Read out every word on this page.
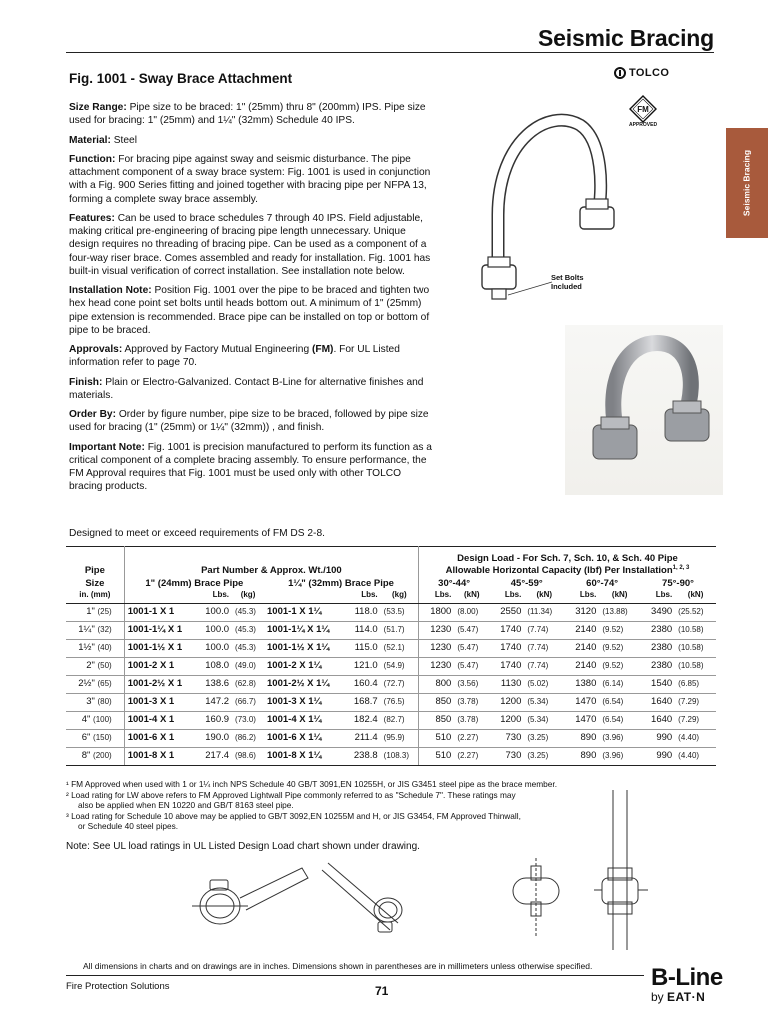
Seismic Bracing
Seismic Bracing
Fig. 1001 - Sway Brace Attachment	TOLCO
FM
APPROVED

Size Range: Pipe size to be braced: 1" (25mm) thru 8" (200mm) IPS. Pipe size used for bracing: 1" (25mm) and 1¼" (32mm) Schedule 40 IPS.

Material: Steel

Function: For bracing pipe against sway and seismic disturbance. The pipe attachment component of a sway brace system: Fig. 1001 is used in conjunction with a Fig. 900 Series fitting and joined together with bracing pipe per NFPA 13, forming a complete sway brace assembly.

Features: Can be used to brace schedules 7 through 40 IPS. Field adjustable, making critical pre-engineering of bracing pipe length unnecessary. Unique design requires no threading of bracing pipe. Can be used as a component of a four-way riser brace. Comes assembled and ready for installation. Fig. 1001 has built-in visual verification of correct installation. See installation note below.

Installation Note: Position Fig. 1001 over the pipe to be braced and tighten two hex head cone point set bolts until heads bottom out. A minimum of 1" (25mm) pipe extension is recommended. Brace pipe can be installed on top or bottom of pipe to be braced.

Approvals: Approved by Factory Mutual Engineering (FM). For UL Listed information refer to page 70.

Finish: Plain or Electro-Galvanized. Contact B-Line for alternative finishes and materials.

Order By: Order by figure number, pipe size to be braced, followed by pipe size used for bracing (1" (25mm) or 1¼" (32mm)) , and finish.

Important Note: Fig. 1001 is precision manufactured to perform its function as a critical component of a complete bracing assembly. To ensure performance, the FM Approval requires that Fig. 1001 must be used only with other TOLCO bracing products.

Set Bolts
Included
Designed to meet or exceed requirements of FM DS 2-8.
							Design Load - For Sch. 7, Sch. 10, & Sch. 40 Pipe							
Pipe	Part Number & Approx. Wt./100						Allowable Horizontal Capacity (lbf) Per Installation$^{1, 2, 3}$
Size	1" (24mm) Brace Pipe			1¼" (32mm) Brace Pipe			30°-44°		45°-59°		60°-74°		75°-90°	
in. (mm)		Lbs.	(kg)		Lbs.	(kg)	Lbs.	(kN)	Lbs.	(kN)	Lbs.	(kN)	Lbs.	(kN)
1" (25)	1001-1 X 1	100.0	(45.3)	1001-1 X 1¼	118.0	(53.5)	1800	(8.00)	2550	(11.34)	3120	(13.88)	3490	(25.52)
1¼" (32)	1001-1¼ X 1	100.0	(45.3)	1001-1¼ X 1¼	114.0	(51.7)	1230	(5.47)	1740	(7.74)	2140	(9.52)	2380	(10.58)
1½" (40)	1001-1½ X 1	100.0	(45.3)	1001-1½ X 1¼	115.0	(52.1)	1230	(5.47)	1740	(7.74)	2140	(9.52)	2380	(10.58)
2" (50)	1001-2 X 1	108.0	(49.0)	1001-2 X 1¼	121.0	(54.9)	1230	(5.47)	1740	(7.74)	2140	(9.52)	2380	(10.58)
2½" (65)	1001-2½ X 1	138.6	(62.8)	1001-2½ X 1¼	160.4	(72.7)	800	(3.56)	1130	(5.02)	1380	(6.14)	1540	(6.85)
3" (80)	1001-3 X 1	147.2	(66.7)	1001-3 X 1¼	168.7	(76.5)	850	(3.78)	1200	(5.34)	1470	(6.54)	1640	(7.29)
4" (100)	1001-4 X 1	160.9	(73.0)	1001-4 X 1¼	182.4	(82.7)	850	(3.78)	1200	(5.34)	1470	(6.54)	1640	(7.29)
6" (150)	1001-6 X 1	190.0	(86.2)	1001-6 X 1¼	211.4	(95.9)	510	(2.27)	730	(3.25)	890	(3.96)	990	(4.40)
8" (200)	1001-8 X 1	217.4	(98.6)	1001-8 X 1¼	238.8	(108.3)	510	(2.27)	730	(3.25)	890	(3.96)	990	(4.40)
¹ FM Approved when used with 1 or 1¼ inch NPS Schedule 40 GB/T 3091,EN 10255H, or JIS G3451 steel pipe as the brace member.
² Load rating for LW above refers to FM Approved Lightwall Pipe commonly referred to as "Schedule 7". These ratings may
also be applied when EN 10220 and GB/T 8163 steel pipe.
³ Load rating for Schedule 10 above may be applied to GB/T 3092,EN 10255M and H, or JIS G3454, FM Approved Thinwall,
or Schedule 40 steel pipes.
Note: See UL load ratings in UL Listed Design Load chart shown under drawing.
All dimensions in charts and on drawings are in inches. Dimensions shown in parentheses are in millimeters unless otherwise specified.
Fire Protection Solutions	71	B-Line
by EAT·N
